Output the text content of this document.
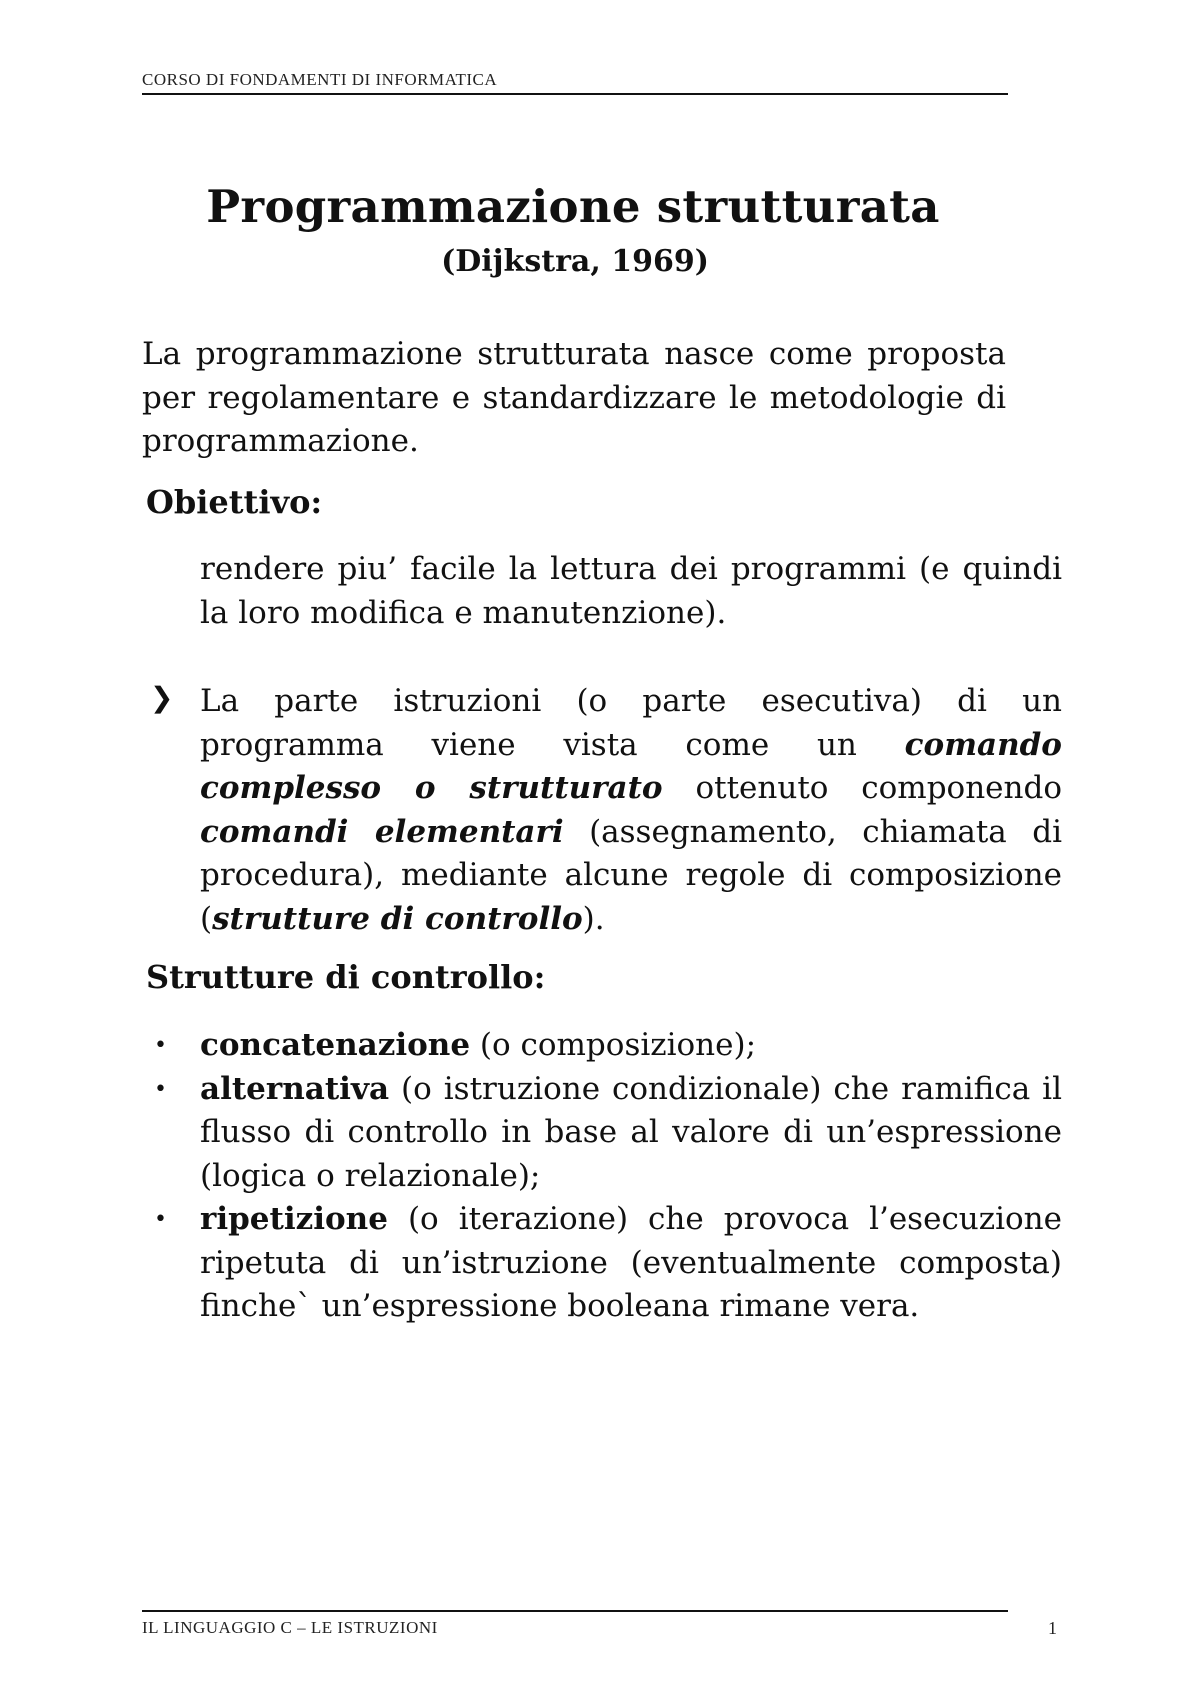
CORSO DI FONDAMENTI DI INFORMATICA
Programmazione strutturata
(Dijkstra, 1969)

La programmazione strutturata nasce come proposta per regolamentare e standardizzare le metodologie di programmazione.

Obiettivo:

rendere piu’ facile la lettura dei programmi (e quindi la loro modifica e manutenzione).

❯ La parte istruzioni (o parte esecutiva) di un programma viene vista come un comando complesso o strutturato ottenuto componendo comandi elementari (assegnamento, chiamata di procedura), mediante alcune regole di composizione (strutture di controllo).

Strutture di controllo:
• concatenazione (o composizione);
• alternativa (o istruzione condizionale) che ramifica il flusso di controllo in base al valore di un’espressione (logica o relazionale);
• ripetizione (o iterazione) che provoca l’esecuzione ripetuta di un’istruzione (eventualmente composta) finche` un’espressione booleana rimane vera.
IL LINGUAGGIO C – LE ISTRUZIONI	1
